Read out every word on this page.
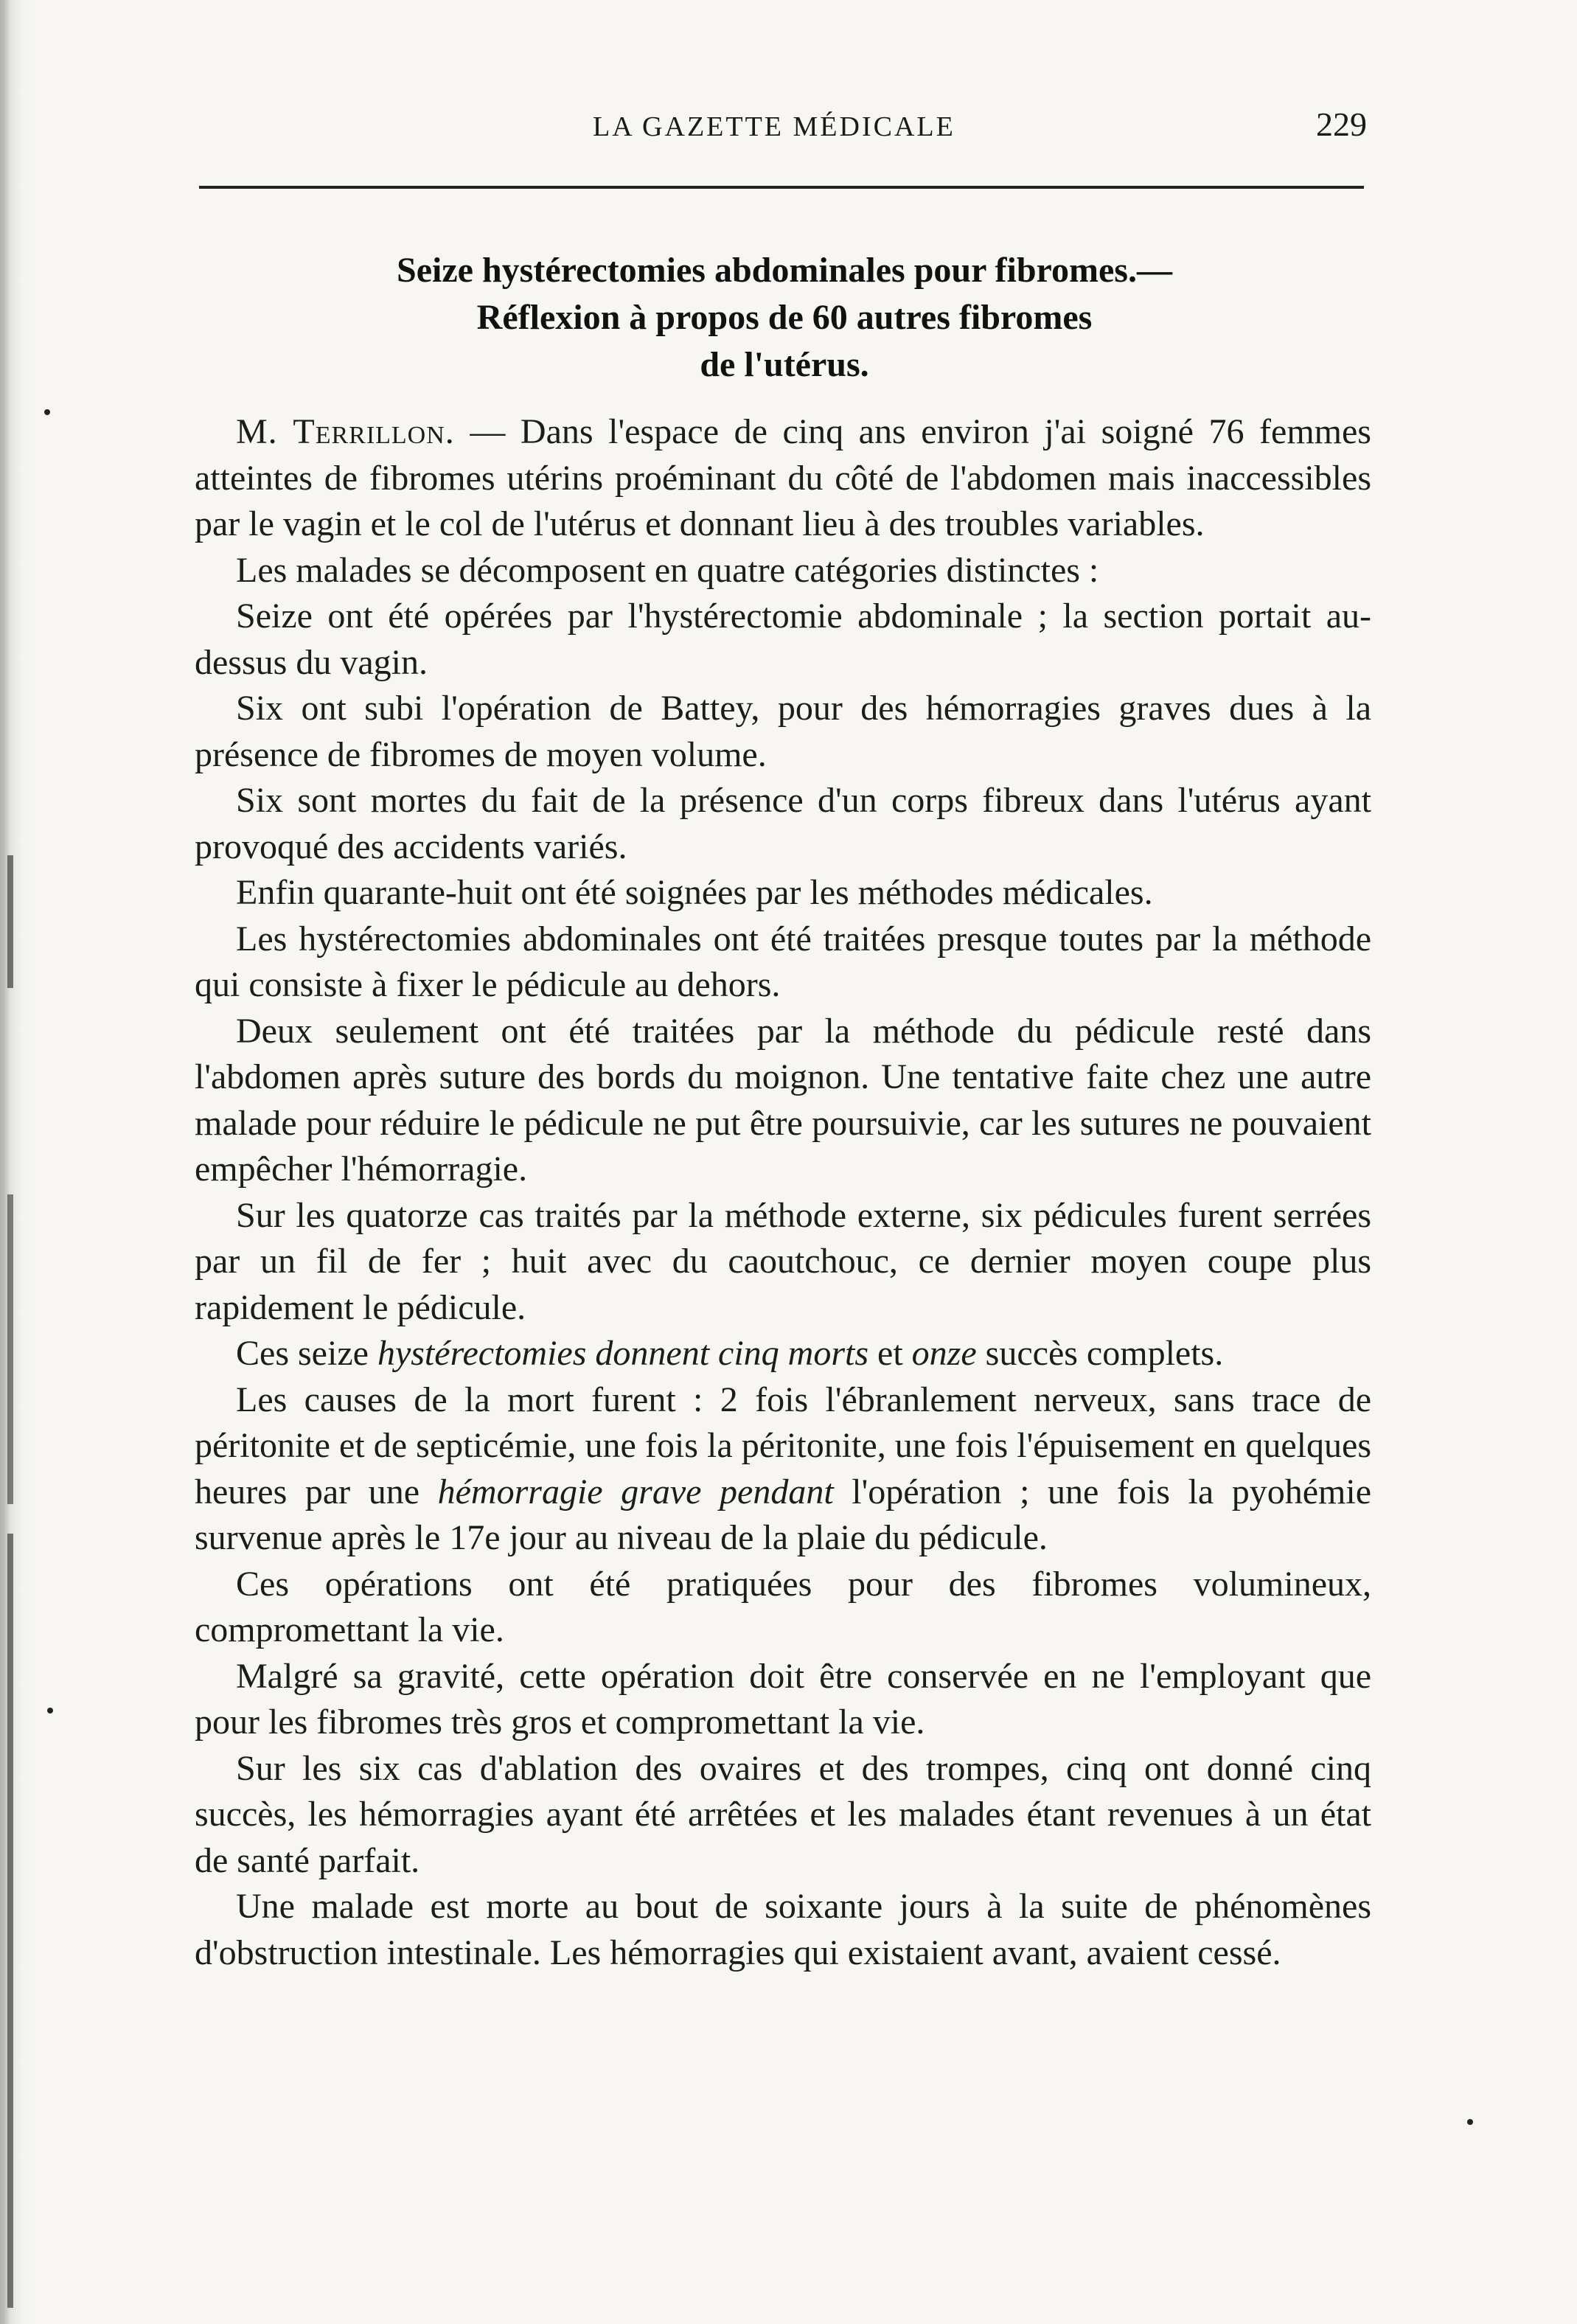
LA GAZETTE MÉDICALE	229
Seize hystérectomies abdominales pour fibromes.—
Réflexion à propos de 60 autres fibromes
de l'utérus.

M. Terrillon. — Dans l'espace de cinq ans environ j'ai soigné 76 femmes atteintes de fibromes utérins proéminant du côté de l'abdomen mais inaccessibles par le vagin et le col de l'utérus et donnant lieu à des troubles variables.

Les malades se décomposent en quatre catégories distinctes :

Seize ont été opérées par l'hystérectomie abdominale ; la section portait au-dessus du vagin.

Six ont subi l'opération de Battey, pour des hémorragies graves dues à la présence de fibromes de moyen volume.

Six sont mortes du fait de la présence d'un corps fibreux dans l'utérus ayant provoqué des accidents variés.

Enfin quarante-huit ont été soignées par les méthodes médicales.

Les hystérectomies abdominales ont été traitées presque toutes par la méthode qui consiste à fixer le pédicule au dehors.

Deux seulement ont été traitées par la méthode du pédicule resté dans l'abdomen après suture des bords du moignon. Une tentative faite chez une autre malade pour réduire le pédicule ne put être poursuivie, car les sutures ne pouvaient empêcher l'hémorragie.

Sur les quatorze cas traités par la méthode externe, six pédicules furent serrées par un fil de fer ; huit avec du caoutchouc, ce dernier moyen coupe plus rapidement le pédicule.

Ces seize hystérectomies donnent cinq morts et onze succès complets.

Les causes de la mort furent : 2 fois l'ébranlement nerveux, sans trace de péritonite et de septicémie, une fois la péritonite, une fois l'épuisement en quelques heures par une hémorragie grave pendant l'opération ; une fois la pyohémie survenue après le 17e jour au niveau de la plaie du pédicule.

Ces opérations ont été pratiquées pour des fibromes volumineux, compromettant la vie.

Malgré sa gravité, cette opération doit être conservée en ne l'employant que pour les fibromes très gros et compromettant la vie.

Sur les six cas d'ablation des ovaires et des trompes, cinq ont donné cinq succès, les hémorragies ayant été arrêtées et les malades étant revenues à un état de santé parfait.

Une malade est morte au bout de soixante jours à la suite de phénomènes d'obstruction intestinale. Les hémorragies qui existaient avant, avaient cessé.
